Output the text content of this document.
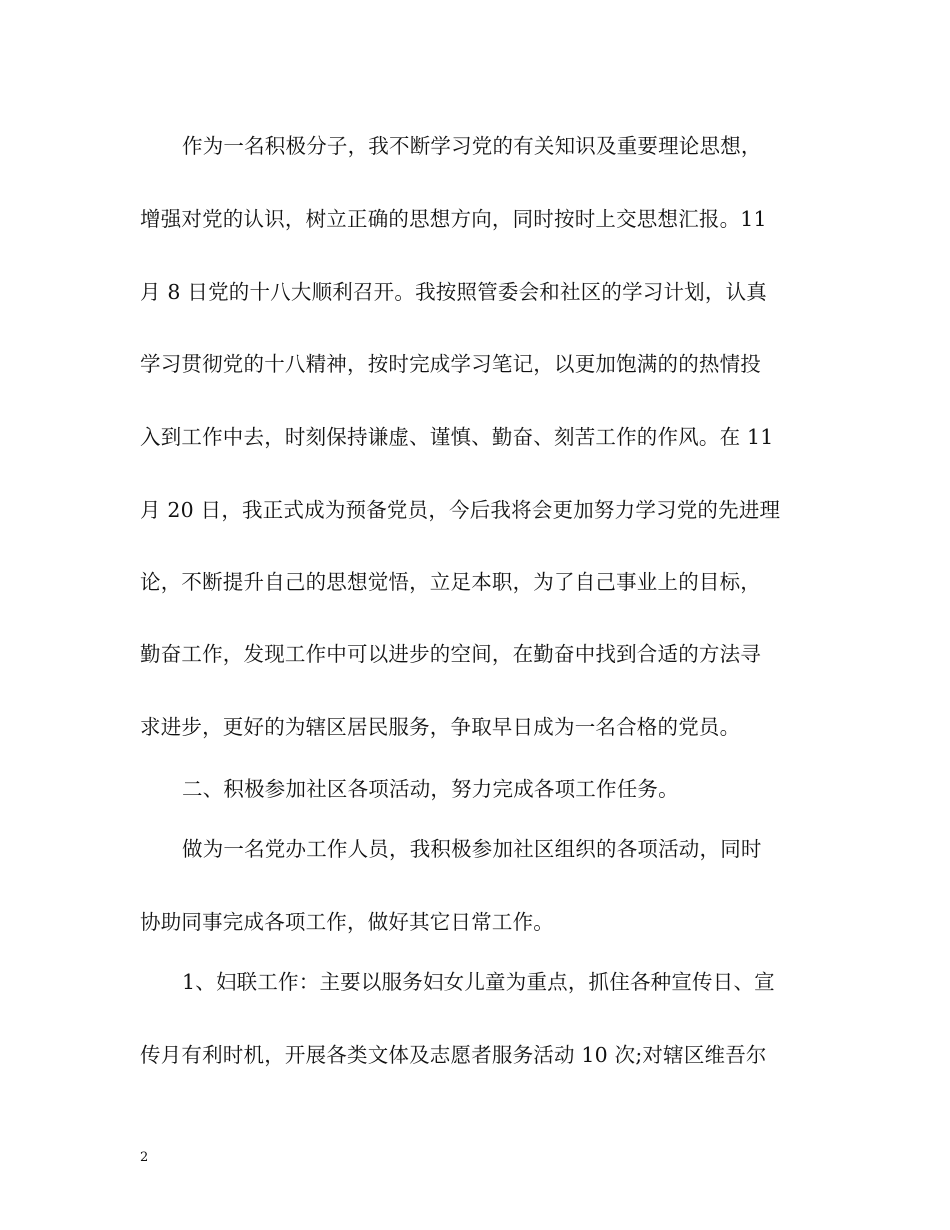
作为一名积极分子，我不断学习党的有关知识及重要理论思想，
增强对党的认识，树立正确的思想方向，同时按时上交思想汇报。11
月 8 日党的十八大顺利召开。我按照管委会和社区的学习计划，认真
学习贯彻党的十八精神，按时完成学习笔记，以更加饱满的的热情投
入到工作中去，时刻保持谦虚、谨慎、勤奋、刻苦工作的作风。在 11
月 20 日，我正式成为预备党员，今后我将会更加努力学习党的先进理
论，不断提升自己的思想觉悟，立足本职，为了自己事业上的目标，
勤奋工作，发现工作中可以进步的空间，在勤奋中找到合适的方法寻
求进步，更好的为辖区居民服务，争取早日成为一名合格的党员。
二、积极参加社区各项活动，努力完成各项工作任务。
做为一名党办工作人员，我积极参加社区组织的各项活动，同时
协助同事完成各项工作，做好其它日常工作。
1、妇联工作：主要以服务妇女儿童为重点，抓住各种宣传日、宣
传月有利时机，开展各类文体及志愿者服务活动 10 次;对辖区维吾尔
2
